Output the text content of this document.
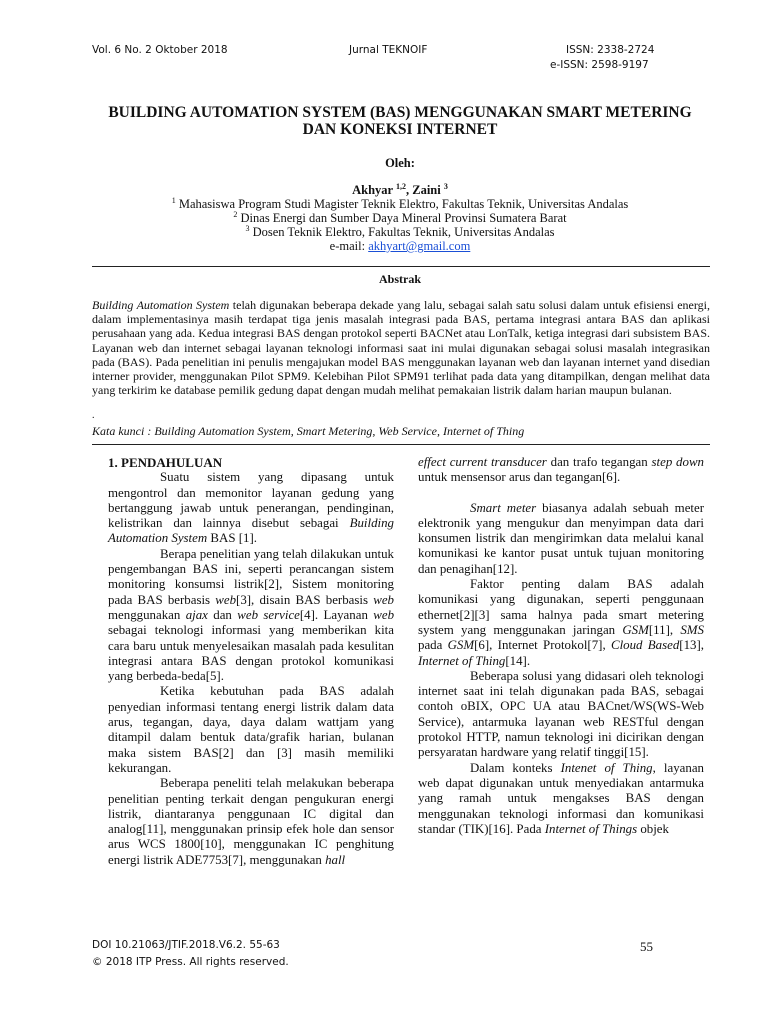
Vol. 6 No. 2 Oktober 2018	Jurnal TEKNOIF	ISSN: 2338-2724
e-ISSN: 2598-9197
BUILDING AUTOMATION SYSTEM (BAS) MENGGUNAKAN SMART METERING
DAN KONEKSI INTERNET
Oleh:
Akhyar $^{1,2}$, Zaini $^3$
$^1$ Mahasiswa Program Studi Magister Teknik Elektro, Fakultas Teknik, Universitas Andalas
$^2$ Dinas Energi dan Sumber Daya Mineral Provinsi Sumatera Barat
$^3$ Dosen Teknik Elektro, Fakultas Teknik, Universitas Andalas
e-mail: akhyart@gmail.com
Abstrak
Building Automation System telah digunakan beberapa dekade yang lalu, sebagai salah satu solusi dalam untuk efisiensi energi, dalam implementasinya masih terdapat tiga jenis masalah integrasi pada BAS, pertama integrasi antara BAS dan aplikasi perusahaan yang ada. Kedua integrasi BAS dengan protokol seperti BACNet atau LonTalk, ketiga integrasi dari subsistem BAS. Layanan web dan internet sebagai layanan teknologi informasi saat ini mulai digunakan sebagai solusi masalah integrasikan pada (BAS). Pada penelitian ini penulis mengajukan model BAS menggunakan layanan web dan layanan internet yand disedian interner provider, menggunakan Pilot SPM9. Kelebihan Pilot SPM91 terlihat pada data yang ditampilkan, dengan melihat data yang terkirim ke database pemilik gedung dapat dengan mudah melihat pemakaian listrik dalam harian maupun bulanan.
.
Kata kunci : Building Automation System, Smart Metering, Web Service, Internet of Thing

1. PENDAHULUAN

Suatu sistem yang dipasang untuk mengontrol dan memonitor layanan gedung yang bertanggung jawab untuk penerangan, pendinginan, kelistrikan dan lainnya disebut sebagai Building Automation System BAS [1].

Berapa penelitian yang telah dilakukan untuk pengembangan BAS ini, seperti perancangan sistem monitoring konsumsi listrik[2], Sistem monitoring pada BAS berbasis web[3], disain BAS berbasis web menggunakan ajax dan web service[4]. Layanan web sebagai teknologi informasi yang memberikan kita cara baru untuk menyelesaikan masalah pada kesulitan integrasi antara BAS dengan protokol komunikasi yang berbeda-beda[5].

Ketika kebutuhan pada BAS adalah penyedian informasi tentang energi listrik dalam data arus, tegangan, daya, daya dalam wattjam yang ditampil dalam bentuk data/grafik harian, bulanan maka sistem BAS[2] dan [3] masih memiliki kekurangan.

Beberapa peneliti telah melakukan beberapa penelitian penting terkait dengan pengukuran energi listrik, diantaranya penggunaan IC digital dan analog[11], menggunakan prinsip efek hole dan sensor arus WCS 1800[10], menggunakan IC penghitung energi listrik ADE7753[7], menggunakan hall

effect current transducer dan trafo tegangan step down untuk mensensor arus dan tegangan[6].

Smart meter biasanya adalah sebuah meter elektronik yang mengukur dan menyimpan data dari konsumen listrik dan mengirimkan data melalui kanal komunikasi ke kantor pusat untuk tujuan monitoring dan penagihan[12].

Faktor penting dalam BAS adalah komunikasi yang digunakan, seperti penggunaan ethernet[2][3] sama halnya pada smart metering system yang menggunakan jaringan GSM[11], SMS pada GSM[6], Internet Protokol[7], Cloud Based[13], Internet of Thing[14].

Beberapa solusi yang didasari oleh teknologi internet saat ini telah digunakan pada BAS, sebagai contoh oBIX, OPC UA atau BACnet/WS(WS-Web Service), antarmuka layanan web RESTful dengan protokol HTTP, namun teknologi ini dicirikan dengan persyaratan hardware yang relatif tinggi[15].

Dalam konteks Intenet of Thing, layanan web dapat digunakan untuk menyediakan antarmuka yang ramah untuk mengakses BAS dengan menggunakan teknologi informasi dan komunikasi standar (TIK)[16]. Pada Internet of Things objek

DOI 10.21063/JTIF.2018.V6.2. 55-63
© 2018 ITP Press. All rights reserved.
55
